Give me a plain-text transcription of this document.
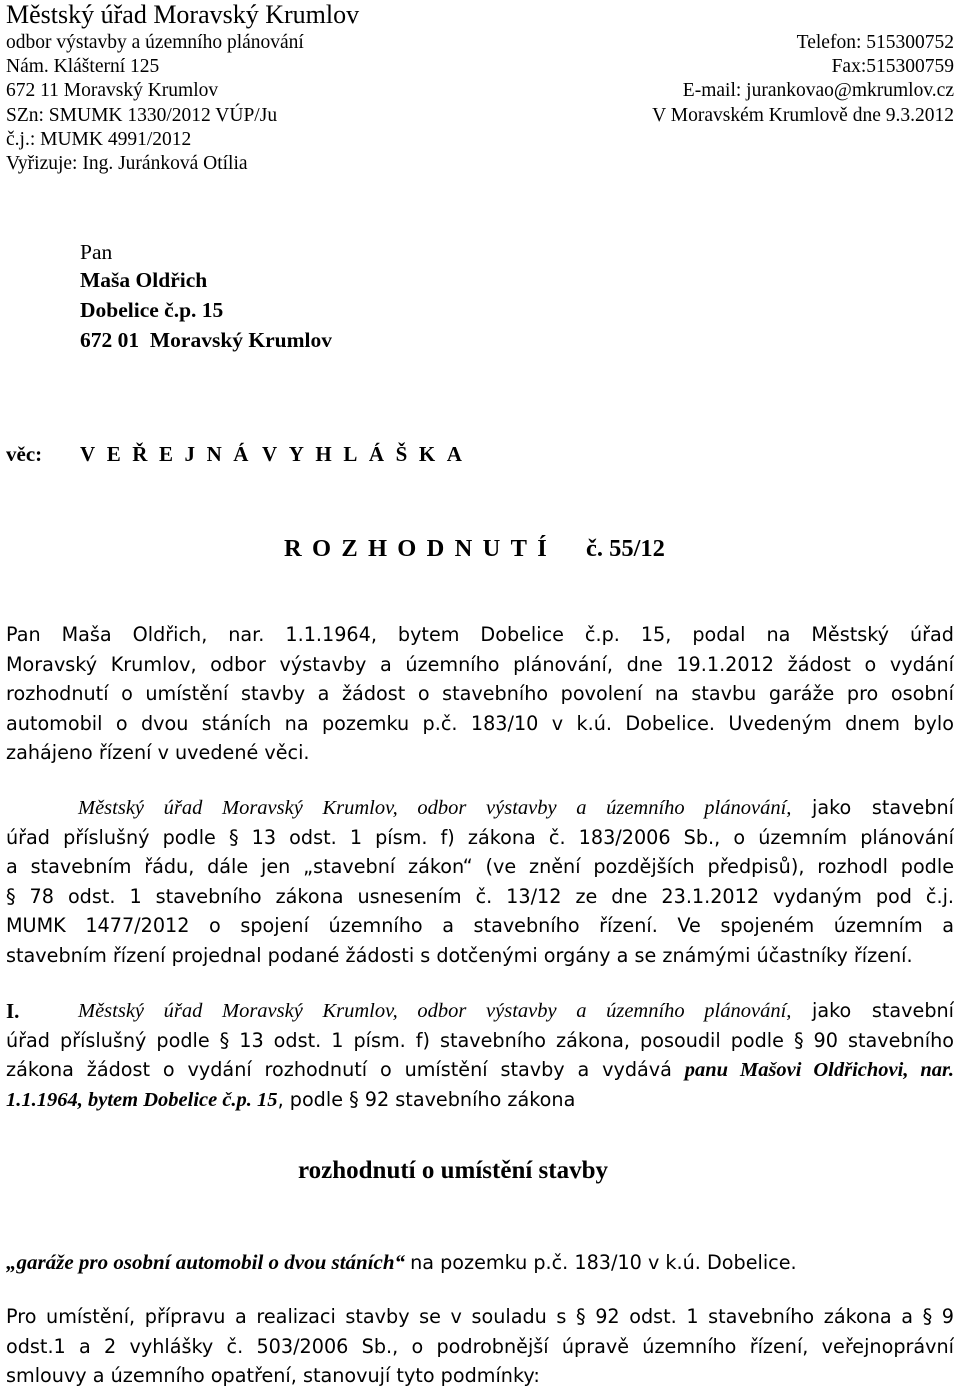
Městský úřad Moravský Krumlov
odbor výstavby a územního plánování	Telefon: 515300752
Nám. Klášterní 125	Fax:515300759
672 11 Moravský Krumlov	E-mail: jurankovao@mkrumlov.cz
SZn: SMUMK 1330/2012 VÚP/Ju	V Moravském Krumlově dne 9.3.2012
č.j.: MUMK 4991/2012
Vyřizuje: Ing. Juránková Otília
Pan
Maša Oldřich
Dobelice č.p. 15
672 01  Moravský Krumlov
věc: VEŘEJNÁ VYHLÁŠKA
ROZHODNUTÍ č. 55/12
Pan Maša Oldřich, nar. 1.1.1964, bytem Dobelice č.p. 15, podal na Městský úřad
Moravský Krumlov, odbor výstavby a územního plánování, dne 19.1.2012 žádost o vydání
rozhodnutí o umístění stavby a žádost o stavebního povolení na stavbu garáže pro osobní
automobil o dvou stáních na pozemku p.č. 183/10 v k.ú. Dobelice. Uvedeným dnem bylo
zahájeno řízení v uvedené věci.
Městský úřad Moravský Krumlov, odbor výstavby a územního plánování, jako stavební
úřad příslušný podle § 13 odst. 1 písm. f) zákona č. 183/2006 Sb., o územním plánování
a stavebním řádu, dále jen „stavební zákon“ (ve znění pozdějších předpisů), rozhodl podle
§ 78 odst. 1 stavebního zákona usnesením č. 13/12 ze dne 23.1.2012 vydaným pod č.j.
MUMK 1477/2012 o spojení územního a stavebního řízení. Ve spojeném územním a
stavebním řízení projednal podané žádosti s dotčenými orgány a se známými účastníky řízení.
I.	Městský úřad Moravský Krumlov, odbor výstavby a územního plánování, jako stavební
úřad příslušný podle § 13 odst. 1 písm. f) stavebního zákona, posoudil podle § 90 stavebního
zákona žádost o vydání rozhodnutí o umístění stavby a vydává panu Mašovi Oldřichovi, nar.
1.1.1964, bytem Dobelice č.p. 15, podle § 92 stavebního zákona
rozhodnutí o umístění stavby
„garáže pro osobní automobil o dvou stáních“ na pozemku p.č. 183/10 v k.ú. Dobelice.
Pro umístění, přípravu a realizaci stavby se v souladu s § 92 odst. 1 stavebního zákona a § 9
odst.1 a 2 vyhlášky č. 503/2006 Sb., o podrobnější úpravě územního řízení, veřejnoprávní
smlouvy a územního opatření, stanovují tyto podmínky:
